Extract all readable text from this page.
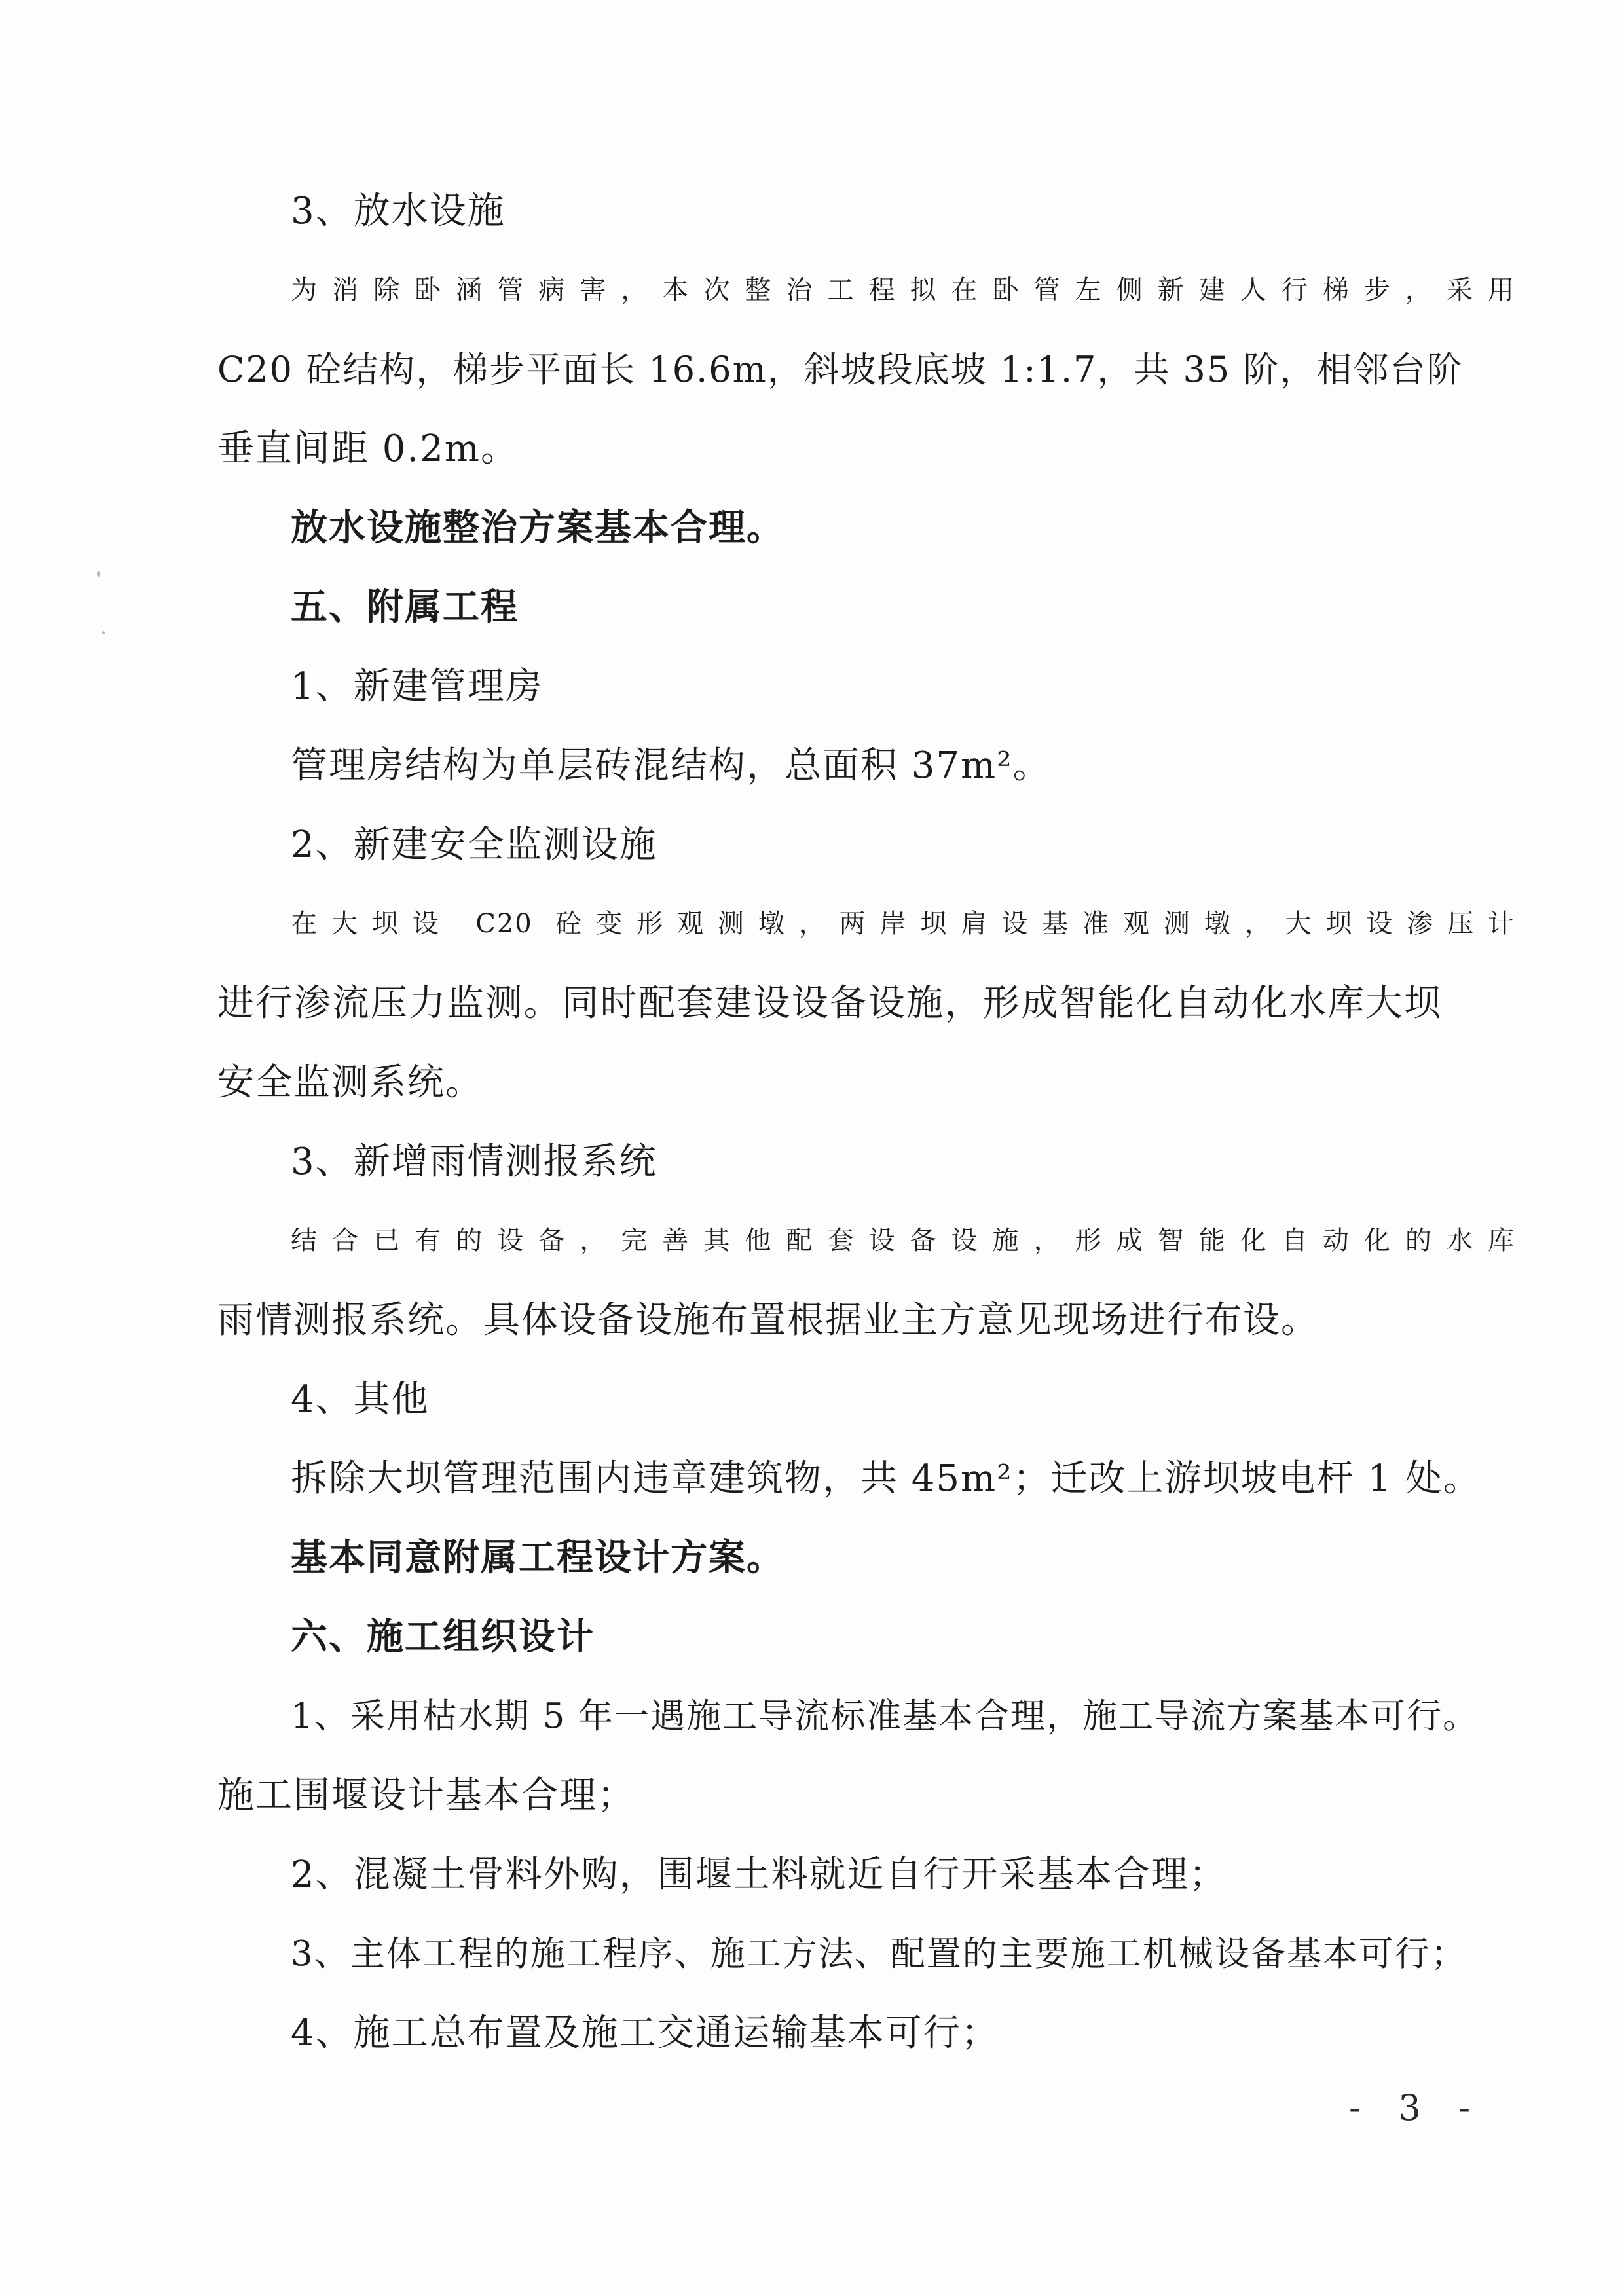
3、放水设施
为消除卧涵管病害，本次整治工程拟在卧管左侧新建人行梯步，采用
C20 砼结构，梯步平面长 16.6m，斜坡段底坡 1:1.7，共 35 阶，相邻台阶
垂直间距 0.2m。
放水设施整治方案基本合理。
五、附属工程
1、新建管理房
管理房结构为单层砖混结构，总面积 37m²。
2、新建安全监测设施
在大坝设 C20 砼变形观测墩，两岸坝肩设基准观测墩，大坝设渗压计
进行渗流压力监测。同时配套建设设备设施，形成智能化自动化水库大坝
安全监测系统。
3、新增雨情测报系统
结合已有的设备，完善其他配套设备设施，形成智能化自动化的水库
雨情测报系统。具体设备设施布置根据业主方意见现场进行布设。
4、其他
拆除大坝管理范围内违章建筑物，共 45m²；迁改上游坝坡电杆 1 处。
基本同意附属工程设计方案。
六、施工组织设计
1、采用枯水期 5 年一遇施工导流标准基本合理，施工导流方案基本可行。
施工围堰设计基本合理；
2、混凝土骨料外购，围堰土料就近自行开采基本合理；
3、主体工程的施工程序、施工方法、配置的主要施工机械设备基本可行；
4、施工总布置及施工交通运输基本可行；
- 3 -
